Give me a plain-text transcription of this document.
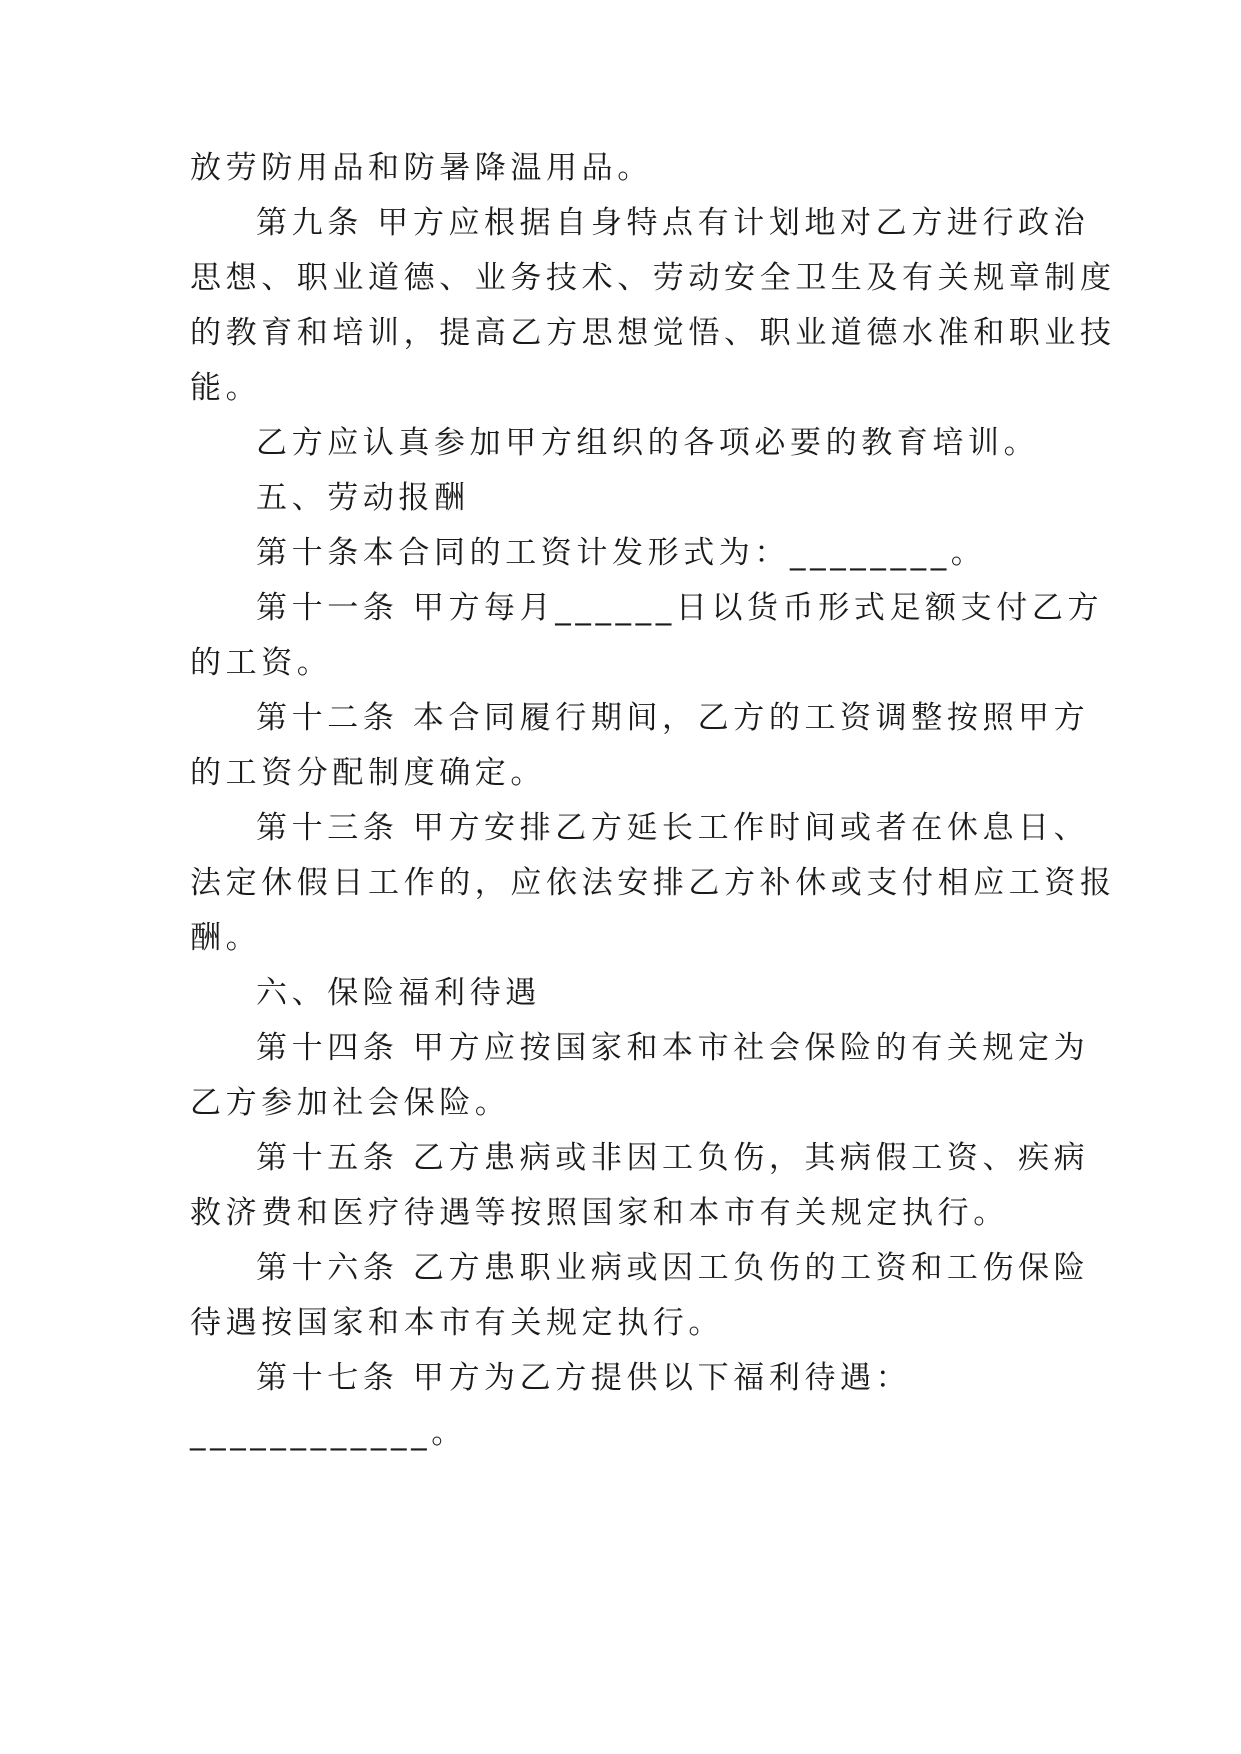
放劳防用品和防暑降温用品。
第九条 甲方应根据自身特点有计划地对乙方进行政治
思想、职业道德、业务技术、劳动安全卫生及有关规章制度
的教育和培训，提高乙方思想觉悟、职业道德水准和职业技
能。
乙方应认真参加甲方组织的各项必要的教育培训。
五、劳动报酬
第十条本合同的工资计发形式为：________。
第十一条 甲方每月______日以货币形式足额支付乙方
的工资。
第十二条 本合同履行期间，乙方的工资调整按照甲方
的工资分配制度确定。
第十三条 甲方安排乙方延长工作时间或者在休息日、
法定休假日工作的，应依法安排乙方补休或支付相应工资报
酬。
六、保险福利待遇
第十四条 甲方应按国家和本市社会保险的有关规定为
乙方参加社会保险。
第十五条 乙方患病或非因工负伤，其病假工资、疾病
救济费和医疗待遇等按照国家和本市有关规定执行。
第十六条 乙方患职业病或因工负伤的工资和工伤保险
待遇按国家和本市有关规定执行。
第十七条 甲方为乙方提供以下福利待遇：
____________。
